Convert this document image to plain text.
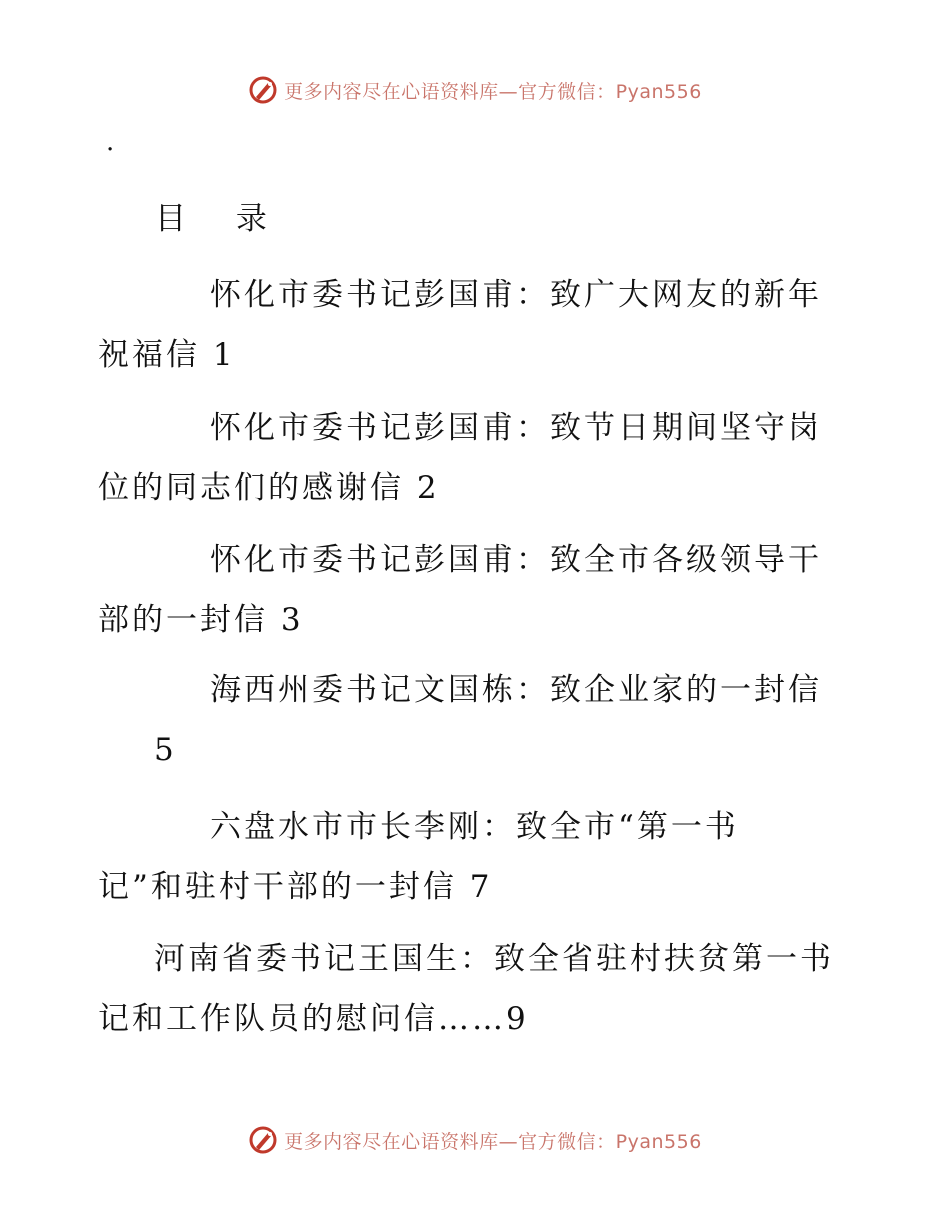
更多内容尽在心语资料库—官方微信：Pyan556
·
目 录
怀化市委书记彭国甫：致广大网友的新年
祝福信 1
怀化市委书记彭国甫：致节日期间坚守岗
位的同志们的感谢信 2
怀化市委书记彭国甫：致全市各级领导干
部的一封信 3
海西州委书记文国栋：致企业家的一封信
5
六盘水市市长李刚：致全市“第一书
记”和驻村干部的一封信 7
河南省委书记王国生：致全省驻村扶贫第一书
记和工作队员的慰问信……9
更多内容尽在心语资料库—官方微信：Pyan556
